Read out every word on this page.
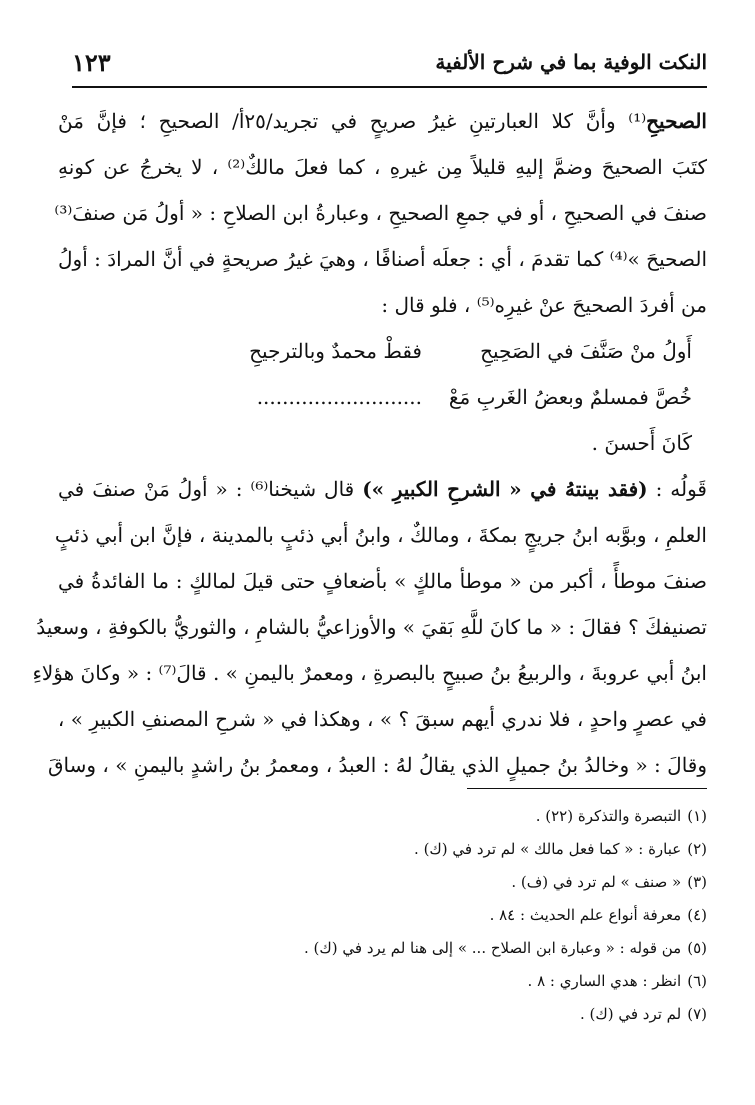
النكت الوفية بما في شرح الألفية
١٢٣
الصحيحِ⁽¹⁾ وأنَّ كلا العبارتينِ غيرُ صريحٍ في تجريد/٢٥أ/ الصحيحِ ؛ فإنَّ مَنْ
كتَبَ الصحيحَ وضمَّ إليهِ قليلاً مِن غيرهِ ، كما فعلَ مالكٌ⁽²⁾ ، لا يخرجُ عن كونهِ
صنفَ في الصحيحِ ، أو في جمعِ الصحيحِ ، وعبارةُ ابن الصلاحِ : « أولُ مَن صنفَ⁽³⁾
الصحيحَ »⁽⁴⁾ كما تقدمَ ، أي : جعلَه أصنافًا ، وهيَ غيرُ صريحةٍ في أنَّ المرادَ : أولُ
من أفردَ الصحيحَ عنْ غيرِه⁽⁵⁾ ، فلو قال :
أَولُ منْ صَنَّفَ في الصَحِيحِ
فقطْ محمدٌ وبالترجيحِ
خُصَّ فمسلمٌ وبعضُ الغَربِ مَعْ
..........................
كَانَ أَحسنَ .
قَولُه : (فقد بينتهُ في « الشرحِ الكبيرِ ») قال شيخنا⁽⁶⁾ : « أولُ مَنْ صنفَ في
العلمِ ، وبوَّبه ابنُ جريجٍ بمكةَ ، ومالكٌ ، وابنُ أبي ذئبٍ بالمدينة ، فإنَّ ابن أبي ذئبٍ
صنفَ موطأً ، أكبر من « موطأ مالكٍ » بأضعافٍ حتى قيلَ لمالكٍ : ما الفائدةُ في
تصنيفكَ ؟ فقالَ : « ما كانَ للَّهِ بَقيَ » والأوزاعيُّ بالشامِ ، والثوريُّ بالكوفةِ ، وسعيدُ
ابنُ أبي عروبةَ ، والربيعُ بنُ صبيحٍ بالبصرةِ ، ومعمرٌ باليمنِ » . قالَ⁽⁷⁾ : « وكانَ هؤلاءِ
في عصرٍ واحدٍ ، فلا ندري أيهم سبقَ ؟ » ، وهكذا في « شرحِ المصنفِ الكبيرِ » ،
وقالَ : « وخالدُ بنُ جميلٍ الذي يقالُ لهُ : العبدُ ، ومعمرُ بنُ راشدٍ باليمنِ » ، وساقَ
(١)التبصرة والتذكرة (٢٢) .
(٢)عبارة : « كما فعل مالك » لم ترد في (ك) .
(٣)« صنف » لم ترد في (ف) .
(٤)معرفة أنواع علم الحديث : ٨٤ .
(٥)من قوله : « وعبارة ابن الصلاح ... » إلى هنا لم يرد في (ك) .
(٦)انظر : هدي الساري : ٨ .
(٧)لم ترد في (ك) .
